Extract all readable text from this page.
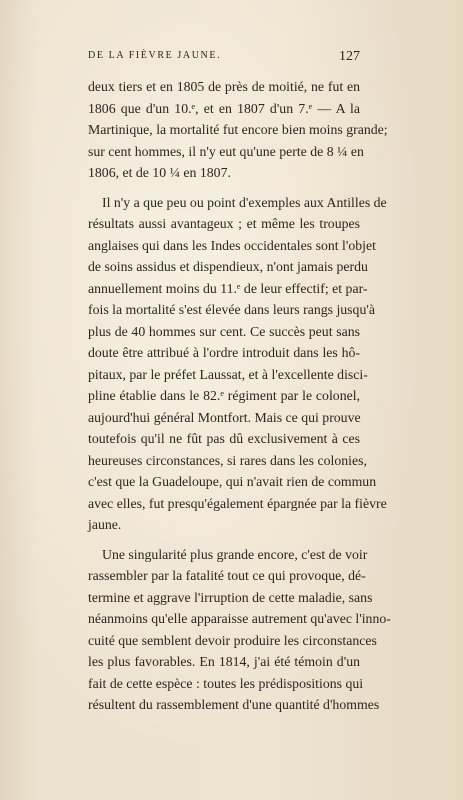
DE LA FIÈVRE JAUNE.	127
deux tiers et en 1805 de près de moitié, ne fut en
1806 que d'un 10.ᵉ, et en 1807 d'un 7.ᵉ — A la
Martinique, la mortalité fut encore bien moins grande;
sur cent hommes, il n'y eut qu'une perte de 8 ¼ en
1806, et de 10 ¼ en 1807.
Il n'y a que peu ou point d'exemples aux Antilles de
résultats aussi avantageux ; et même les troupes
anglaises qui dans les Indes occidentales sont l'objet
de soins assidus et dispendieux, n'ont jamais perdu
annuellement moins du 11.ᵉ de leur effectif; et par-
fois la mortalité s'est élevée dans leurs rangs jusqu'à
plus de 40 hommes sur cent. Ce succès peut sans
doute être attribué à l'ordre introduit dans les hô-
pitaux, par le préfet Laussat, et à l'excellente disci-
pline établie dans le 82.ᵉ régiment par le colonel,
aujourd'hui général Montfort. Mais ce qui prouve
toutefois qu'il ne fût pas dû exclusivement à ces
heureuses circonstances, si rares dans les colonies,
c'est que la Guadeloupe, qui n'avait rien de commun
avec elles, fut presqu'également épargnée par la fièvre
jaune.
Une singularité plus grande encore, c'est de voir
rassembler par la fatalité tout ce qui provoque, dé-
termine et aggrave l'irruption de cette maladie, sans
néanmoins qu'elle apparaisse autrement qu'avec l'inno-
cuité que semblent devoir produire les circonstances
les plus favorables. En 1814, j'ai été témoin d'un
fait de cette espèce : toutes les prédispositions qui
résultent du rassemblement d'une quantité d'hommes
